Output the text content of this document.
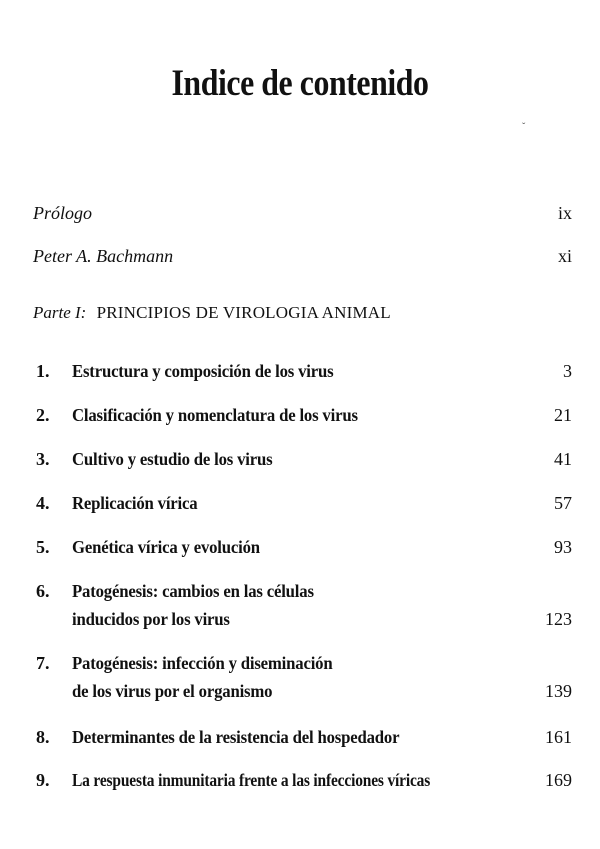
Indice de contenido
ˇ
Prólogo	ix
Peter A. Bachmann	xi
Parte I: PRINCIPIOS DE VIROLOGIA ANIMAL
1.	Estructura y composición de los virus	3
2.	Clasificación y nomenclatura de los virus	21
3.	Cultivo y estudio de los virus	41
4.	Replicación vírica	57
5.	Genética vírica y evolución	93
6.	Patogénesis: cambios en las células
inducidos por los virus	123
7.	Patogénesis: infección y diseminación
de los virus por el organismo	139
8.	Determinantes de la resistencia del hospedador	161
9.	La respuesta inmunitaria frente a las infecciones víricas	169
